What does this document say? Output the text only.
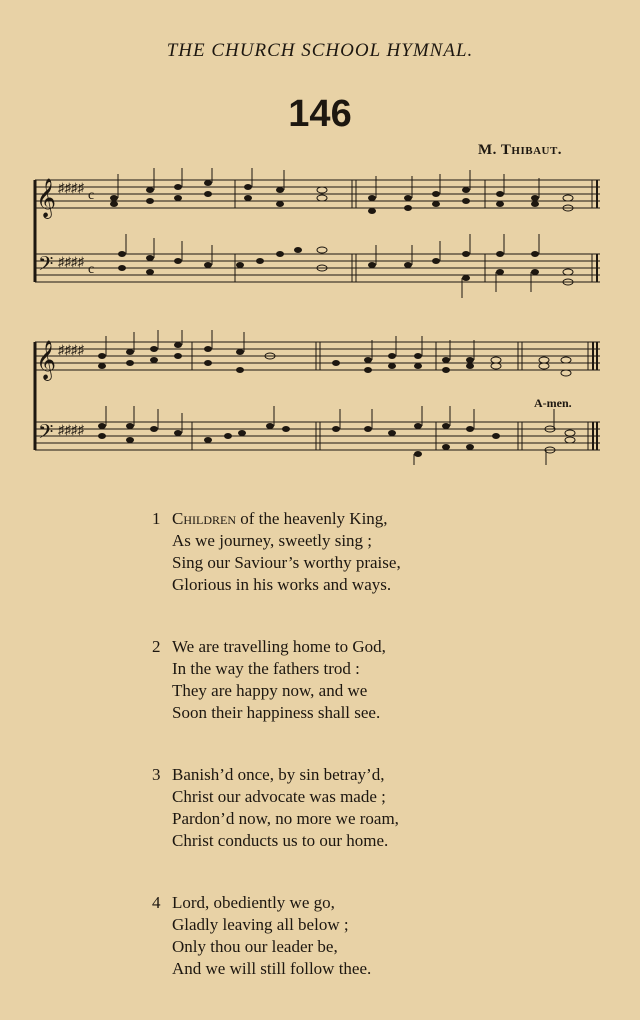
THE CHURCH SCHOOL HYMNAL.
146
M. Thibaut.
𝄞
𝄢
♯♯♯♯
♯♯♯♯
c
c
𝄞
𝄢
♯♯♯♯
♯♯♯♯
A-men.
1 Children of the heavenly King,
As we journey, sweetly sing ;
Sing our Saviour’s worthy praise,
Glorious in his works and ways.
2 We are travelling home to God,
In the way the fathers trod :
They are happy now, and we
Soon their happiness shall see.
3 Banish’d once, by sin betray’d,
Christ our advocate was made ;
Pardon’d now, no more we roam,
Christ conducts us to our home.
4 Lord, obediently we go,
Gladly leaving all below ;
Only thou our leader be,
And we will still follow thee.
